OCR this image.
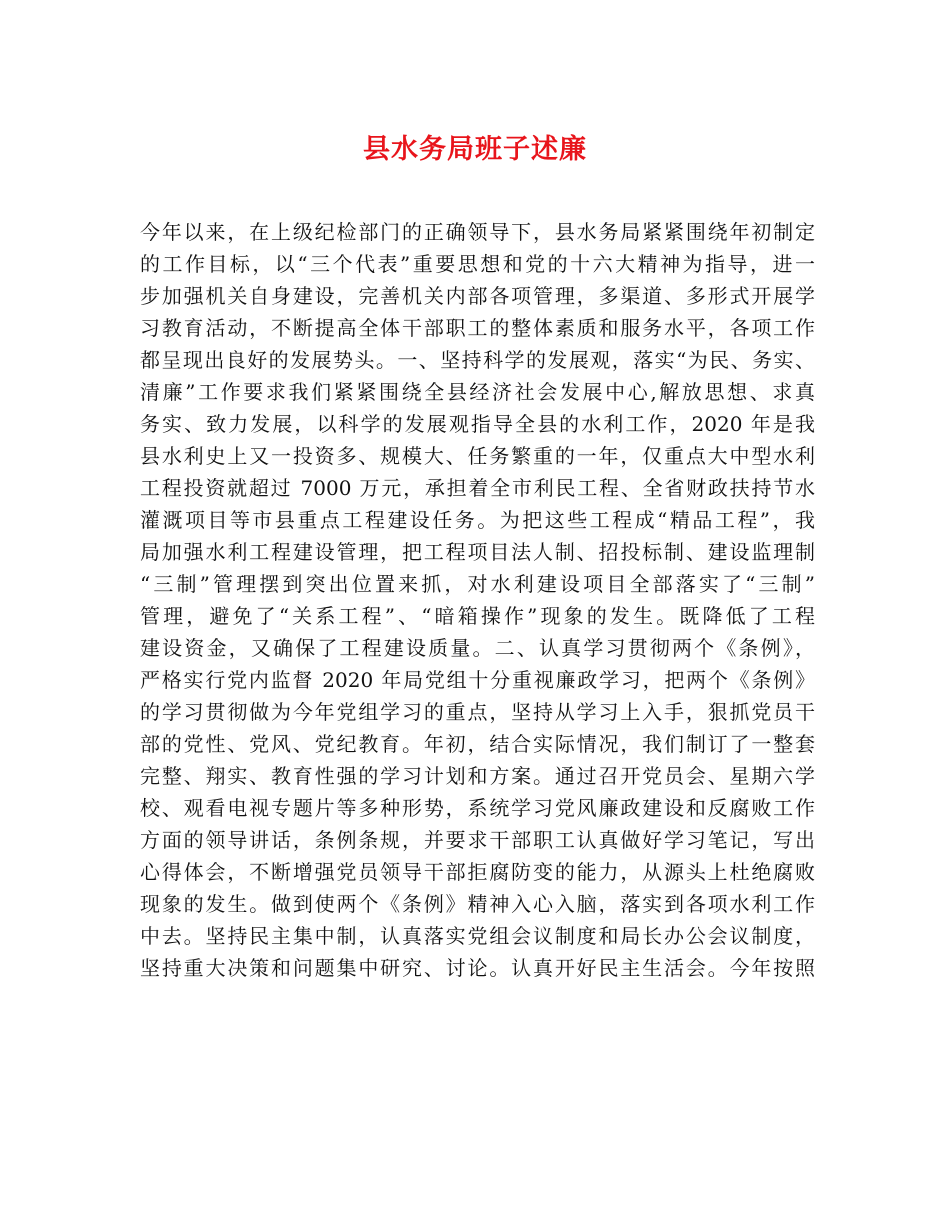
县水务局班子述廉
今年以来，在上级纪检部门的正确领导下，县水务局紧紧围绕年初制定
的工作目标，以“三个代表”重要思想和党的十六大精神为指导，进一
步加强机关自身建设，完善机关内部各项管理，多渠道、多形式开展学
习教育活动，不断提高全体干部职工的整体素质和服务水平，各项工作
都呈现出良好的发展势头。一、坚持科学的发展观，落实“为民、务实、
清廉”工作要求我们紧紧围绕全县经济社会发展中心,解放思想、求真
务实、致力发展，以科学的发展观指导全县的水利工作，2020 年是我
县水利史上又一投资多、规模大、任务繁重的一年，仅重点大中型水利
工程投资就超过 7000 万元，承担着全市利民工程、全省财政扶持节水
灌溉项目等市县重点工程建设任务。为把这些工程成“精品工程”，我
局加强水利工程建设管理，把工程项目法人制、招投标制、建设监理制
“三制”管理摆到突出位置来抓，对水利建设项目全部落实了“三制”
管理，避免了“关系工程”、“暗箱操作”现象的发生。既降低了工程
建设资金，又确保了工程建设质量。二、认真学习贯彻两个《条例》，
严格实行党内监督 2020 年局党组十分重视廉政学习，把两个《条例》
的学习贯彻做为今年党组学习的重点，坚持从学习上入手，狠抓党员干
部的党性、党风、党纪教育。年初，结合实际情况，我们制订了一整套
完整、翔实、教育性强的学习计划和方案。通过召开党员会、星期六学
校、观看电视专题片等多种形势，系统学习党风廉政建设和反腐败工作
方面的领导讲话，条例条规，并要求干部职工认真做好学习笔记，写出
心得体会，不断增强党员领导干部拒腐防变的能力，从源头上杜绝腐败
现象的发生。做到使两个《条例》精神入心入脑，落实到各项水利工作
中去。坚持民主集中制，认真落实党组会议制度和局长办公会议制度，
坚持重大决策和问题集中研究、讨论。认真开好民主生活会。今年按照
